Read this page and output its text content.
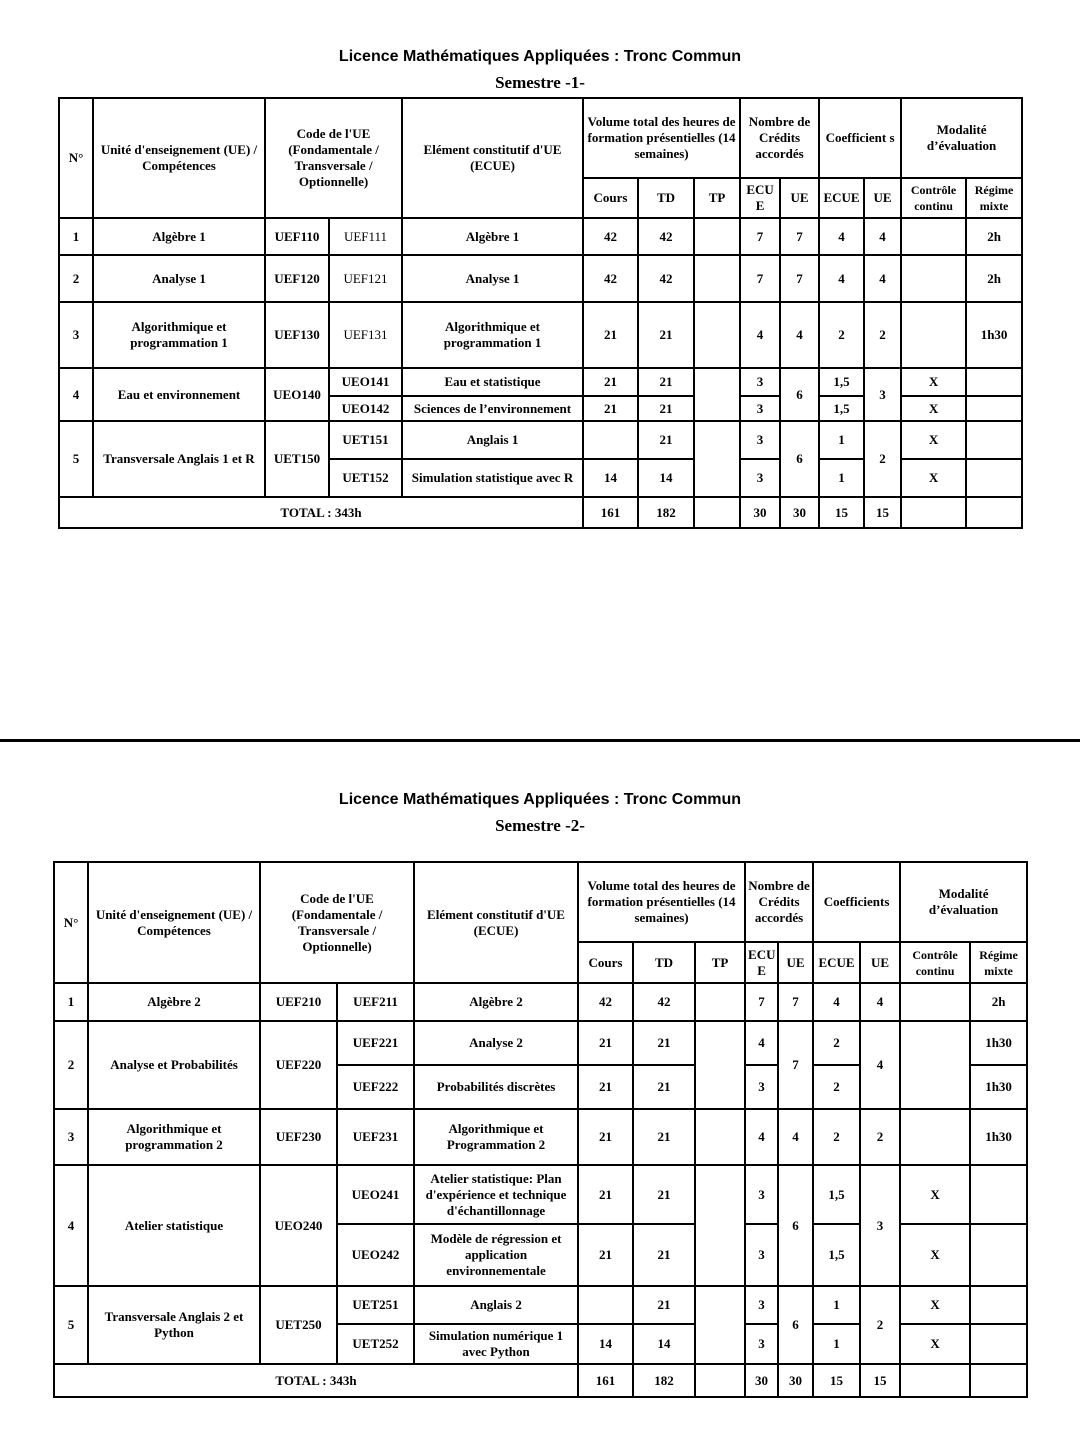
Licence Mathématiques Appliquées : Tronc Commun
Semestre -1-
N°	Unité d'enseignement (UE) / Compétences	Code de l'UE (Fondamentale / Transversale / Optionnelle)		Elément constitutif d'UE (ECUE)	Volume total des heures de formation présentielles (14 semaines)			Nombre de Crédits accordés		Coefficient s		Modalité d’évaluation	
					Cours	TD	TP	ECU E	UE	ECUE	UE	Contrôle continu	Régime mixte
1	Algèbre 1	UEF110	UEF111	Algèbre 1	42	42		7	7	4	4		2h
2	Analyse 1	UEF120	UEF121	Analyse 1	42	42		7	7	4	4		2h
3	Algorithmique et programmation 1	UEF130	UEF131	Algorithmique et programmation 1	21	21		4	4	2	2		1h30
4	Eau et environnement	UEO140	UEO141	Eau et statistique	21	21		3	6	1,5	3	X	
			UEO142	Sciences de l’environnement	21	21		3		1,5		X	
5	Transversale Anglais 1 et R	UET150	UET151	Anglais 1		21		3	6	1	2	X	
			UET152	Simulation statistique avec R	14	14		3		1		X	
TOTAL : 343h					161	182		30	30	15	15		
Licence Mathématiques Appliquées : Tronc Commun
Semestre -2-
N°	Unité d'enseignement (UE) / Compétences	Code de l'UE (Fondamentale / Transversale / Optionnelle)		Elément constitutif d'UE (ECUE)	Volume total des heures de formation présentielles (14 semaines)			Nombre de Crédits accordés		Coefficients		Modalité d’évaluation	
					Cours	TD	TP	ECU E	UE	ECUE	UE	Contrôle continu	Régime mixte
1	Algèbre 2	UEF210	UEF211	Algèbre 2	42	42		7	7	4	4		2h
2	Analyse et Probabilités	UEF220	UEF221	Analyse 2	21	21		4	7	2	4		1h30
			UEF222	Probabilités discrètes	21	21		3		2			1h30
3	Algorithmique et programmation 2	UEF230	UEF231	Algorithmique et Programmation 2	21	21		4	4	2	2		1h30
4	Atelier statistique	UEO240	UEO241	Atelier statistique: Plan d'expérience et technique d'échantillonnage	21	21		3	6	1,5	3	X	
			UEO242	Modèle de régression et application environnementale	21	21		3		1,5		X	
5	Transversale Anglais 2 et Python	UET250	UET251	Anglais 2		21		3	6	1	2	X	
			UET252	Simulation numérique 1 avec Python	14	14		3		1		X	
TOTAL : 343h					161	182		30	30	15	15		
